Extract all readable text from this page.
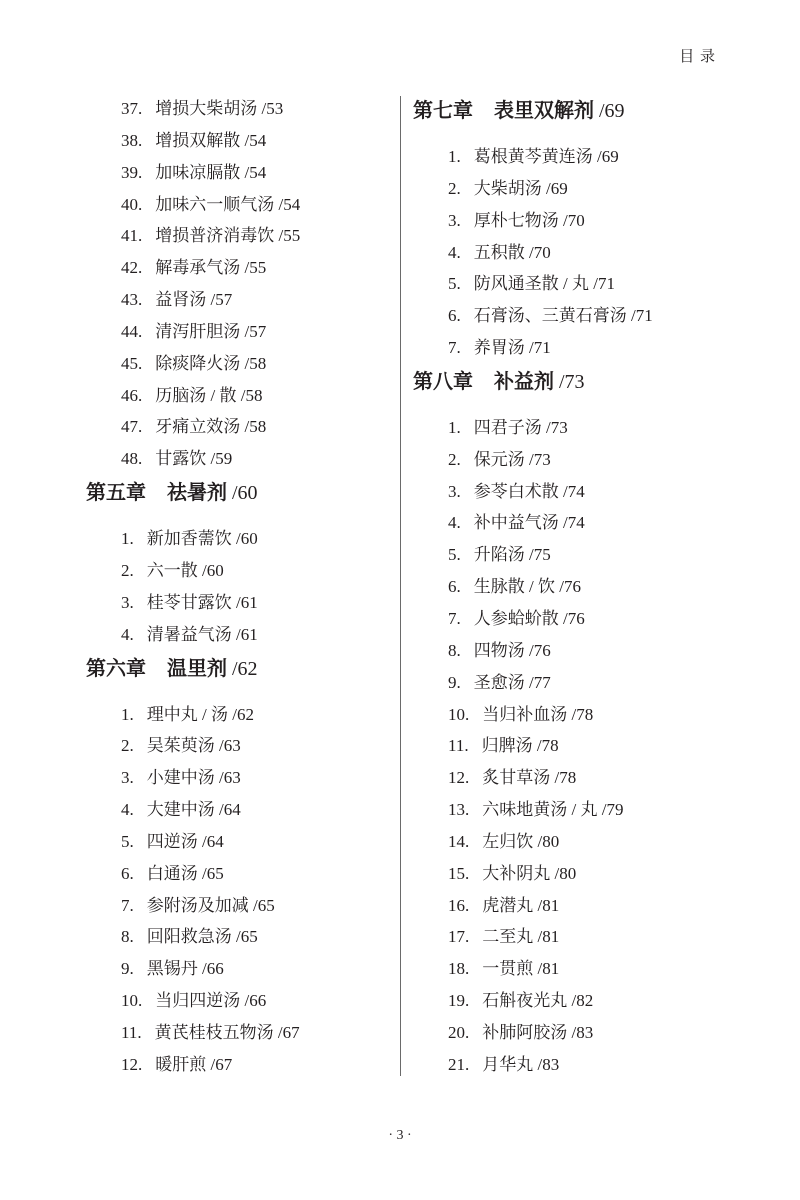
目 录
37. 增损大柴胡汤 /53
38. 增损双解散 /54
39. 加味凉膈散 /54
40. 加味六一顺气汤 /54
41. 增损普济消毒饮 /55
42. 解毒承气汤 /55
43. 益肾汤 /57
44. 清泻肝胆汤 /57
45. 除痰降火汤 /58
46. 历脑汤 / 散 /58
47. 牙痛立效汤 /58
48. 甘露饮 /59
第五章 祛暑剂 /60
1. 新加香薷饮 /60
2. 六一散 /60
3. 桂苓甘露饮 /61
4. 清暑益气汤 /61
第六章 温里剂 /62
1. 理中丸 / 汤 /62
2. 吴茱萸汤 /63
3. 小建中汤 /63
4. 大建中汤 /64
5. 四逆汤 /64
6. 白通汤 /65
7. 参附汤及加减 /65
8. 回阳救急汤 /65
9. 黑锡丹 /66
10. 当归四逆汤 /66
11. 黄芪桂枝五物汤 /67
12. 暖肝煎 /67
第七章 表里双解剂 /69
1. 葛根黄芩黄连汤 /69
2. 大柴胡汤 /69
3. 厚朴七物汤 /70
4. 五积散 /70
5. 防风通圣散 / 丸 /71
6. 石膏汤、三黄石膏汤 /71
7. 养胃汤 /71
第八章 补益剂 /73
1. 四君子汤 /73
2. 保元汤 /73
3. 参苓白术散 /74
4. 补中益气汤 /74
5. 升陷汤 /75
6. 生脉散 / 饮 /76
7. 人参蛤蚧散 /76
8. 四物汤 /76
9. 圣愈汤 /77
10. 当归补血汤 /78
11. 归脾汤 /78
12. 炙甘草汤 /78
13. 六味地黄汤 / 丸 /79
14. 左归饮 /80
15. 大补阴丸 /80
16. 虎潜丸 /81
17. 二至丸 /81
18. 一贯煎 /81
19. 石斛夜光丸 /82
20. 补肺阿胶汤 /83
21. 月华丸 /83
· 3 ·
